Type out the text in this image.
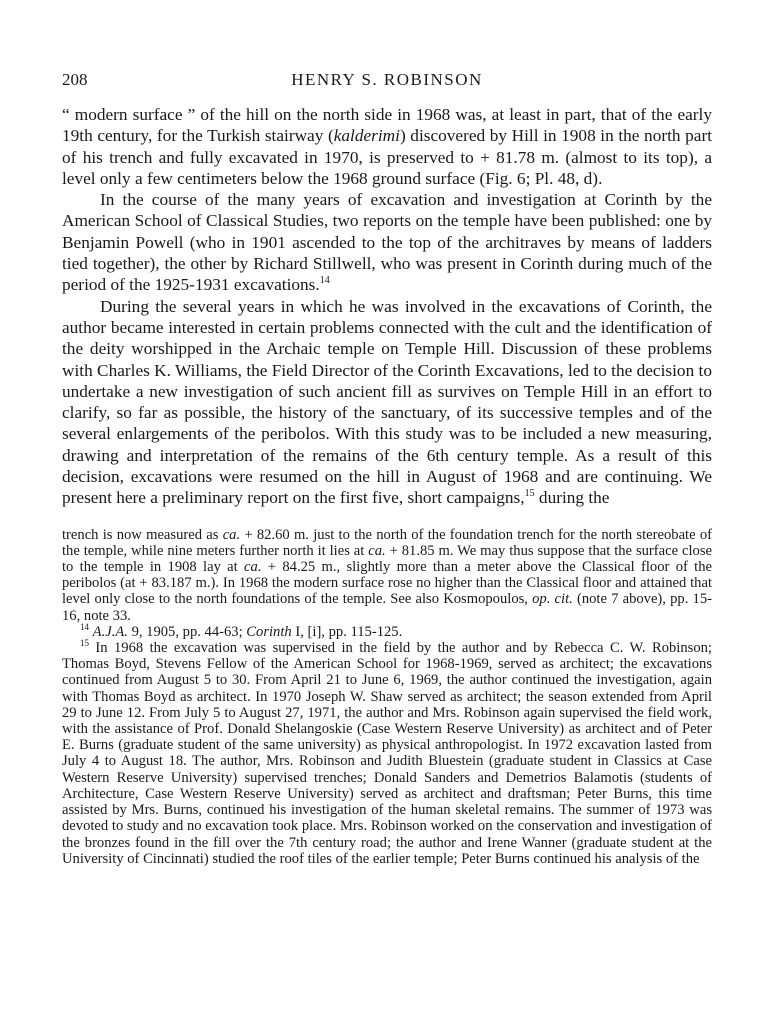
208	HENRY S. ROBINSON

“ modern surface ” of the hill on the north side in 1968 was, at least in part, that of the early 19th century, for the Turkish stairway (kalderimi) discovered by Hill in 1908 in the north part of his trench and fully excavated in 1970, is preserved to + 81.78 m. (almost to its top), a level only a few centimeters below the 1968 ground surface (Fig. 6; Pl. 48, d).

In the course of the many years of excavation and investigation at Corinth by the American School of Classical Studies, two reports on the temple have been published: one by Benjamin Powell (who in 1901 ascended to the top of the architraves by means of ladders tied together), the other by Richard Stillwell, who was present in Corinth during much of the period of the 1925-1931 excavations.$^{14}$

During the several years in which he was involved in the excavations of Corinth, the author became interested in certain problems connected with the cult and the identification of the deity worshipped in the Archaic temple on Temple Hill. Discussion of these problems with Charles K. Williams, the Field Director of the Corinth Excavations, led to the decision to undertake a new investigation of such ancient fill as survives on Temple Hill in an effort to clarify, so far as possible, the history of the sanctuary, of its successive temples and of the several enlargements of the peribolos. With this study was to be included a new measuring, drawing and interpretation of the remains of the 6th century temple. As a result of this decision, excavations were resumed on the hill in August of 1968 and are continuing. We present here a preliminary report on the first five, short campaigns,$^{15}$ during the

trench is now measured as ca. + 82.60 m. just to the north of the foundation trench for the north stereobate of the temple, while nine meters further north it lies at ca. + 81.85 m. We may thus suppose that the surface close to the temple in 1908 lay at ca. + 84.25 m., slightly more than a meter above the Classical floor of the peribolos (at + 83.187 m.). In 1968 the modern surface rose no higher than the Classical floor and attained that level only close to the north foundations of the temple. See also Kosmopoulos, op. cit. (note 7 above), pp. 15-16, note 33.

$^{14}$ A.J.A. 9, 1905, pp. 44-63; Corinth I, [i], pp. 115-125.

$^{15}$ In 1968 the excavation was supervised in the field by the author and by Rebecca C. W. Robinson; Thomas Boyd, Stevens Fellow of the American School for 1968-1969, served as architect; the excavations continued from August 5 to 30. From April 21 to June 6, 1969, the author continued the investigation, again with Thomas Boyd as architect. In 1970 Joseph W. Shaw served as architect; the season extended from April 29 to June 12. From July 5 to August 27, 1971, the author and Mrs. Robinson again supervised the field work, with the assistance of Prof. Donald Shelangoskie (Case Western Reserve University) as architect and of Peter E. Burns (graduate student of the same university) as physical anthropologist. In 1972 excavation lasted from July 4 to August 18. The author, Mrs. Robinson and Judith Bluestein (graduate student in Classics at Case Western Reserve University) supervised trenches; Donald Sanders and Demetrios Balamotis (students of Architecture, Case Western Reserve University) served as architect and draftsman; Peter Burns, this time assisted by Mrs. Burns, continued his investigation of the human skeletal remains. The summer of 1973 was devoted to study and no excavation took place. Mrs. Robinson worked on the conservation and investigation of the bronzes found in the fill over the 7th century road; the author and Irene Wanner (graduate student at the University of Cincinnati) studied the roof tiles of the earlier temple; Peter Burns continued his analysis of the
